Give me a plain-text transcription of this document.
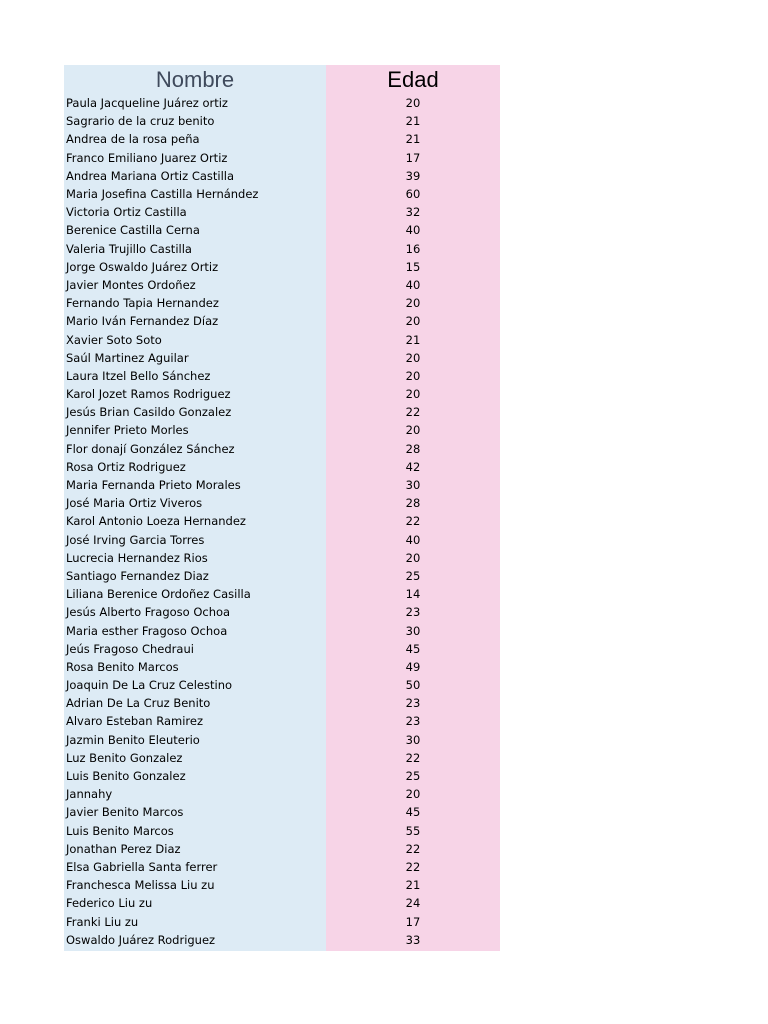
Nombre	Edad
Paula Jacqueline Juárez ortiz	20
Sagrario de la cruz benito	21
Andrea de la rosa peña	21
Franco Emiliano Juarez Ortiz	17
Andrea Mariana Ortiz Castilla	39
Maria Josefina Castilla Hernández	60
Victoria Ortiz Castilla	32
Berenice Castilla Cerna	40
Valeria Trujillo Castilla	16
Jorge Oswaldo Juárez Ortiz	15
Javier Montes Ordoñez	40
Fernando Tapia Hernandez	20
Mario Iván Fernandez Díaz	20
Xavier Soto Soto	21
Saúl Martinez Aguilar	20
Laura Itzel Bello Sánchez	20
Karol Jozet Ramos Rodriguez	20
Jesús Brian Casildo Gonzalez	22
Jennifer Prieto Morles	20
Flor donají González Sánchez	28
Rosa Ortiz Rodriguez	42
Maria Fernanda Prieto Morales	30
José Maria Ortiz Viveros	28
Karol Antonio Loeza Hernandez	22
José Irving Garcia Torres	40
Lucrecia Hernandez Rios	20
Santiago Fernandez Diaz	25
Liliana Berenice Ordoñez Casilla	14
Jesús Alberto Fragoso Ochoa	23
Maria esther Fragoso Ochoa	30
Jeús Fragoso Chedraui	45
Rosa Benito Marcos	49
Joaquin De La Cruz Celestino	50
Adrian De La Cruz Benito	23
Alvaro Esteban Ramirez	23
Jazmin Benito Eleuterio	30
Luz Benito Gonzalez	22
Luis Benito Gonzalez	25
Jannahy	20
Javier Benito Marcos	45
Luis Benito Marcos	55
Jonathan Perez Diaz	22
Elsa Gabriella Santa ferrer	22
Franchesca Melissa Liu zu	21
Federico Liu zu	24
Franki Liu zu	17
Oswaldo Juárez Rodriguez	33
